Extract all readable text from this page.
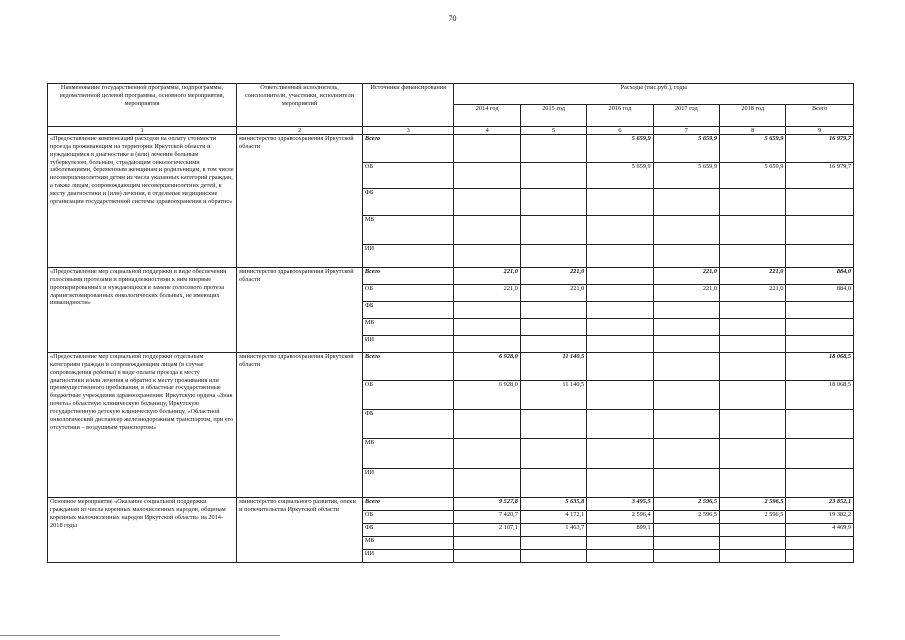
70
Наименование государственной программы, подпрограммы, ведомственной целевой программы, основного мероприятия, мероприятия	Ответственный исполнитель, соисполнители, участники, исполнители мероприятий	Источники финансирования	Расходы (тыс.руб.), годы					
			2014 год	2015 год	2016 год	2017 год	2018 год	Всего
1	2	3	4	5	6	7	8	9
«Предоставление компенсаций расходов на оплату стоимости проезда проживающим на территории Иркутской области и нуждающимся в диагностике и (или) лечении больным туберкулезом, больным, страдающим онкологическими заболеваниями, беременным женщинам и родильницам, в том числе несовершеннолетним детям из числа указанных категорий граждан, а также лицам, сопровождающим несовершеннолетних детей, к месту диагностики и (или) лечения, в отдельные медицинские организации государственной системы здравоохранения и обратно»	министерство здравоохранения Иркутской области	Всего			5 659,9	5 659,9	5 659,9	16 979,7
		ОБ			5 659,9	5 659,9	5 659,9	16 979,7
		ФБ						
		МБ						
		ИИ						
«Предоставление мер социальной поддержки в виде обеспечения голосовыми протезами и принадлежностями к ним впервые прооперированных и нуждающихся в замене голосового протеза ларингэктомированных онкологических больных, не имеющих инвалидности»	министерство здравоохранения Иркутской области	Всего	221,0	221,0		221,0	221,0	884,0
		ОБ	221,0	221,0		221,0	221,0	884,0
		ФБ						
		МБ						
		ИИ						
«Предоставление мер социальной поддержки отдельным категориям граждан и сопровождающим лицам (в случае сопровождения ребенка) в виде оплаты проезда к месту диагностики и/или лечения и обратно к месту проживания или преимущественного пребывания, в областные государственные бюджетные учреждения здравоохранения: Иркутскую ордена «Знак почета» областную клиническую больницу, Иркутскую государственную детскую клиническую больницу, «Областной онкологический диспансер железнодорожным транспортом, при его отсутствии – воздушным транспортом»	министерство здравоохранения Иркутской области	Всего	6 928,0	11 140,5				18 068,5
		ОБ	6 928,0	11 140,5				18 068,5
		ФБ						
		МБ						
		ИИ						
Основное мероприятие «Оказание социальной поддержки гражданам из числа коренных малочисленных народов, общинам коренных малочисленных народов Иркутской области» на 2014-2018 годы	министерство социального развития, опеки и попечительства Иркутской области	Всего	9 527,8	5 635,8	3 495,5	2 596,5	2 596,5	23 852,1
		ОБ	7 420,7	4 172,1	2 596,4	2 596,5	2 596,5	19 382,2
		ФБ	2 107,1	1 463,7	899,1			4 469,9
		МБ						
		ИИ						
